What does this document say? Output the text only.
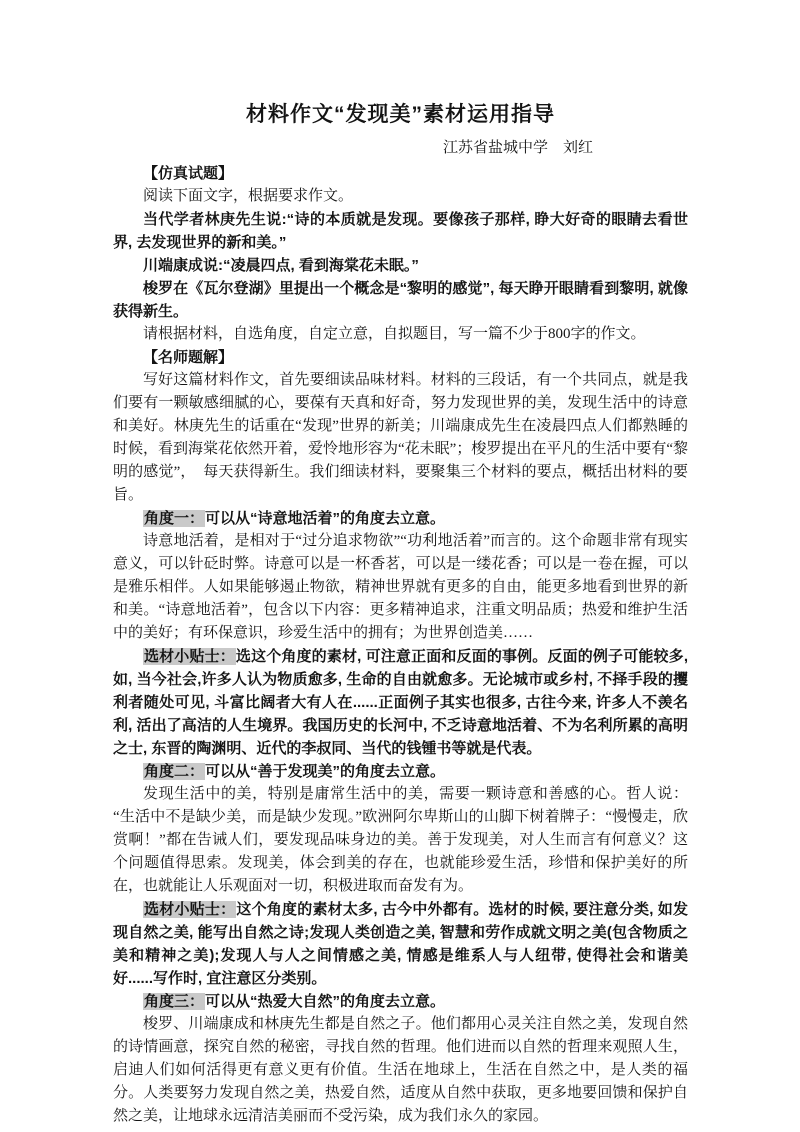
材料作文“发现美”素材运用指导
江苏省盐城中学　刘红

【仿真试题】

阅读下面文字，根据要求作文。

当代学者林庚先生说:“诗的本质就是发现。要像孩子那样, 睁大好奇的眼睛去看世界, 去发现世界的新和美。”

川端康成说:“凌晨四点, 看到海棠花未眠。”

梭罗在《瓦尔登湖》里提出一个概念是“黎明的感觉”, 每天睁开眼睛看到黎明, 就像获得新生。

请根据材料，自选角度，自定立意，自拟题目，写一篇不少于800字的作文。

【名师题解】

写好这篇材料作文，首先要细读品味材料。材料的三段话，有一个共同点，就是我们要有一颗敏感细腻的心，要葆有天真和好奇，努力发现世界的美，发现生活中的诗意和美好。林庚先生的话重在“发现”世界的新美；川端康成先生在凌晨四点人们都熟睡的时候，看到海棠花依然开着，爱怜地形容为“花未眠”；梭罗提出在平凡的生活中要有“黎明的感觉”，　每天获得新生。我们细读材料，要聚集三个材料的要点，概括出材料的要旨。

角度一：可以从“诗意地活着”的角度去立意。

诗意地活着，是相对于“过分追求物欲”“功利地活着”而言的。这个命题非常有现实意义，可以针砭时弊。诗意可以是一杯香茗，可以是一缕花香；可以是一卷在握，可以是雅乐相伴。人如果能够遏止物欲，精神世界就有更多的自由，能更多地看到世界的新和美。“诗意地活着”，包含以下内容：更多精神追求，注重文明品质；热爱和维护生活中的美好；有环保意识，珍爱生活中的拥有；为世界创造美……

选材小贴士：选这个角度的素材, 可注意正面和反面的事例。反面的例子可能较多, 如, 当今社会,许多人认为物质愈多, 生命的自由就愈多。无论城市或乡村, 不择手段的攫利者随处可见, 斗富比阔者大有人在......正面例子其实也很多, 古往今来, 许多人不羡名利, 活出了高洁的人生境界。我国历史的长河中, 不乏诗意地活着、不为名利所累的高明之士, 东晋的陶渊明、近代的李叔同、当代的钱锺书等就是代表。

角度二：可以从“善于发现美”的角度去立意。

发现生活中的美，特别是庸常生活中的美，需要一颗诗意和善感的心。哲人说：“生活中不是缺少美，而是缺少发现。”欧洲阿尔卑斯山的山脚下树着牌子：“慢慢走，欣赏啊！”都在告诫人们，要发现品味身边的美。善于发现美，对人生而言有何意义？这个问题值得思索。发现美，体会到美的存在，也就能珍爱生活，珍惜和保护美好的所在，也就能让人乐观面对一切，积极进取而奋发有为。

选材小贴士：这个角度的素材太多, 古今中外都有。选材的时候, 要注意分类, 如发现自然之美, 能写出自然之诗;发现人类创造之美, 智慧和劳作成就文明之美(包含物质之美和精神之美);发现人与人之间情感之美, 情感是维系人与人纽带, 使得社会和谐美好......写作时, 宜注意区分类别。

角度三：可以从“热爱大自然”的角度去立意。

梭罗、川端康成和林庚先生都是自然之子。他们都用心灵关注自然之美，发现自然的诗情画意，探究自然的秘密，寻找自然的哲理。他们进而以自然的哲理来观照人生，启迪人们如何活得更有意义更有价值。生活在地球上，生活在自然之中，是人类的福分。人类要努力发现自然之美，热爱自然，适度从自然中获取，更多地要回馈和保护自然之美，让地球永远清洁美丽而不受污染，成为我们永久的家园。
